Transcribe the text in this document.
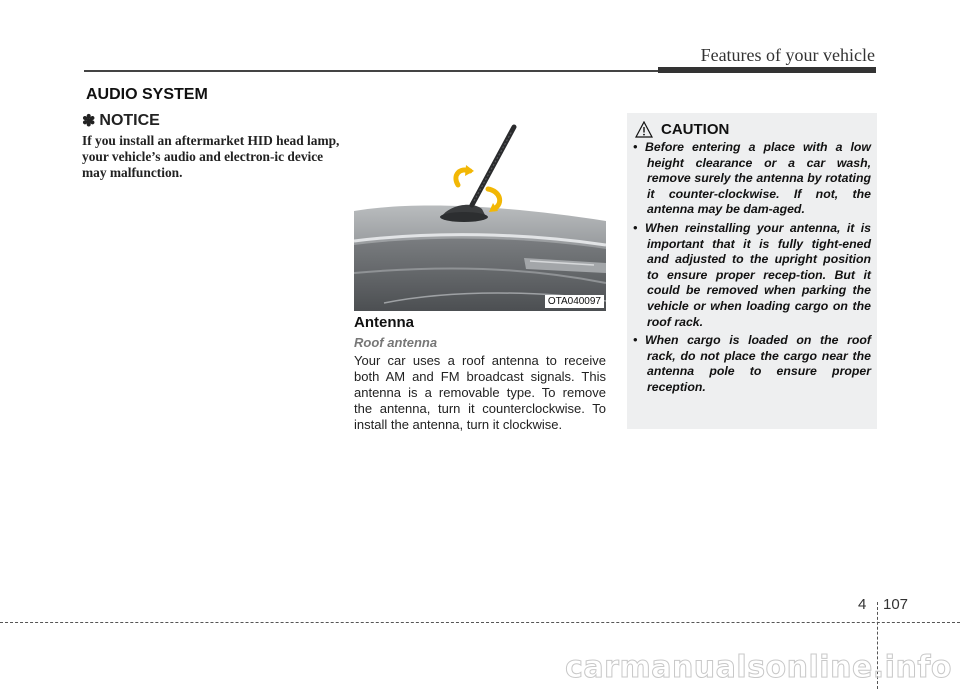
Features of your vehicle
AUDIO SYSTEM
✽ NOTICE
If you install an aftermarket HID head lamp, your vehicle’s audio and electron-ic device may malfunction.
OTA040097
Antenna
Roof antenna
Your car uses a roof antenna to receive both AM and FM broadcast signals. This antenna is a removable type. To remove the antenna, turn it counterclockwise. To install the antenna, turn it clockwise.
CAUTION
• Before entering a place with a low height clearance or a car wash, remove surely the antenna by rotating it counter-clockwise. If not, the antenna may be dam-aged.
• When reinstalling your antenna, it is important that it is fully tight-ened and adjusted to the upright position to ensure proper recep-tion. But it could be removed when parking the vehicle or when loading cargo on the roof rack.
• When cargo is loaded on the roof rack, do not place the cargo near the antenna pole to ensure proper reception.
4 107
carmanualsonline.info
